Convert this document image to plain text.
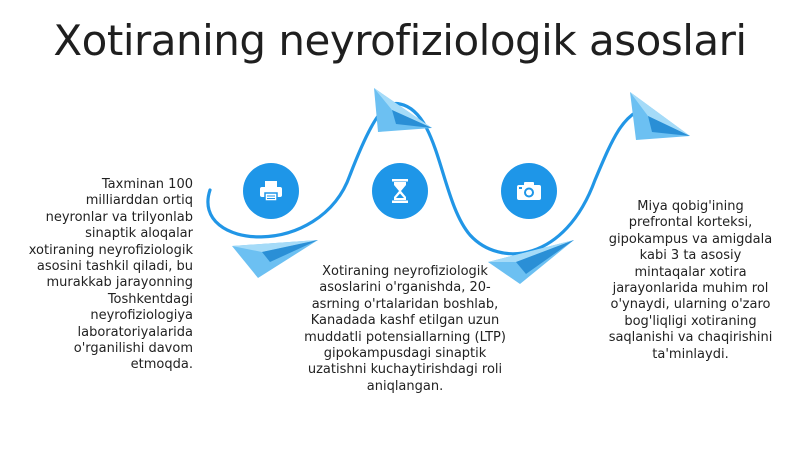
Xotiraning neyrofiziologik asoslari

Taxminan 100 milliarddan ortiq neyronlar va trilyonlab sinaptik aloqalar xotiraning neyrofiziologik asosini tashkil qiladi, bu murakkab jarayonning Toshkentdagi neyrofiziologiya laboratoriyalarida o'rganilishi davom etmoqda.

Xotiraning neyrofiziologik asoslarini o'rganishda, 20-asrning o'rtalaridan boshlab, Kanadada kashf etilgan uzun muddatli potensiallarning (LTP) gipokampusdagi sinaptik uzatishni kuchaytirishdagi roli aniqlangan.

Miya qobig'ining prefrontal korteksi, gipokampus va amigdala kabi 3 ta asosiy mintaqalar xotira jarayonlarida muhim rol o'ynaydi, ularning o'zaro bog'liqligi xotiraning saqlanishi va chaqirishini ta'minlaydi.
